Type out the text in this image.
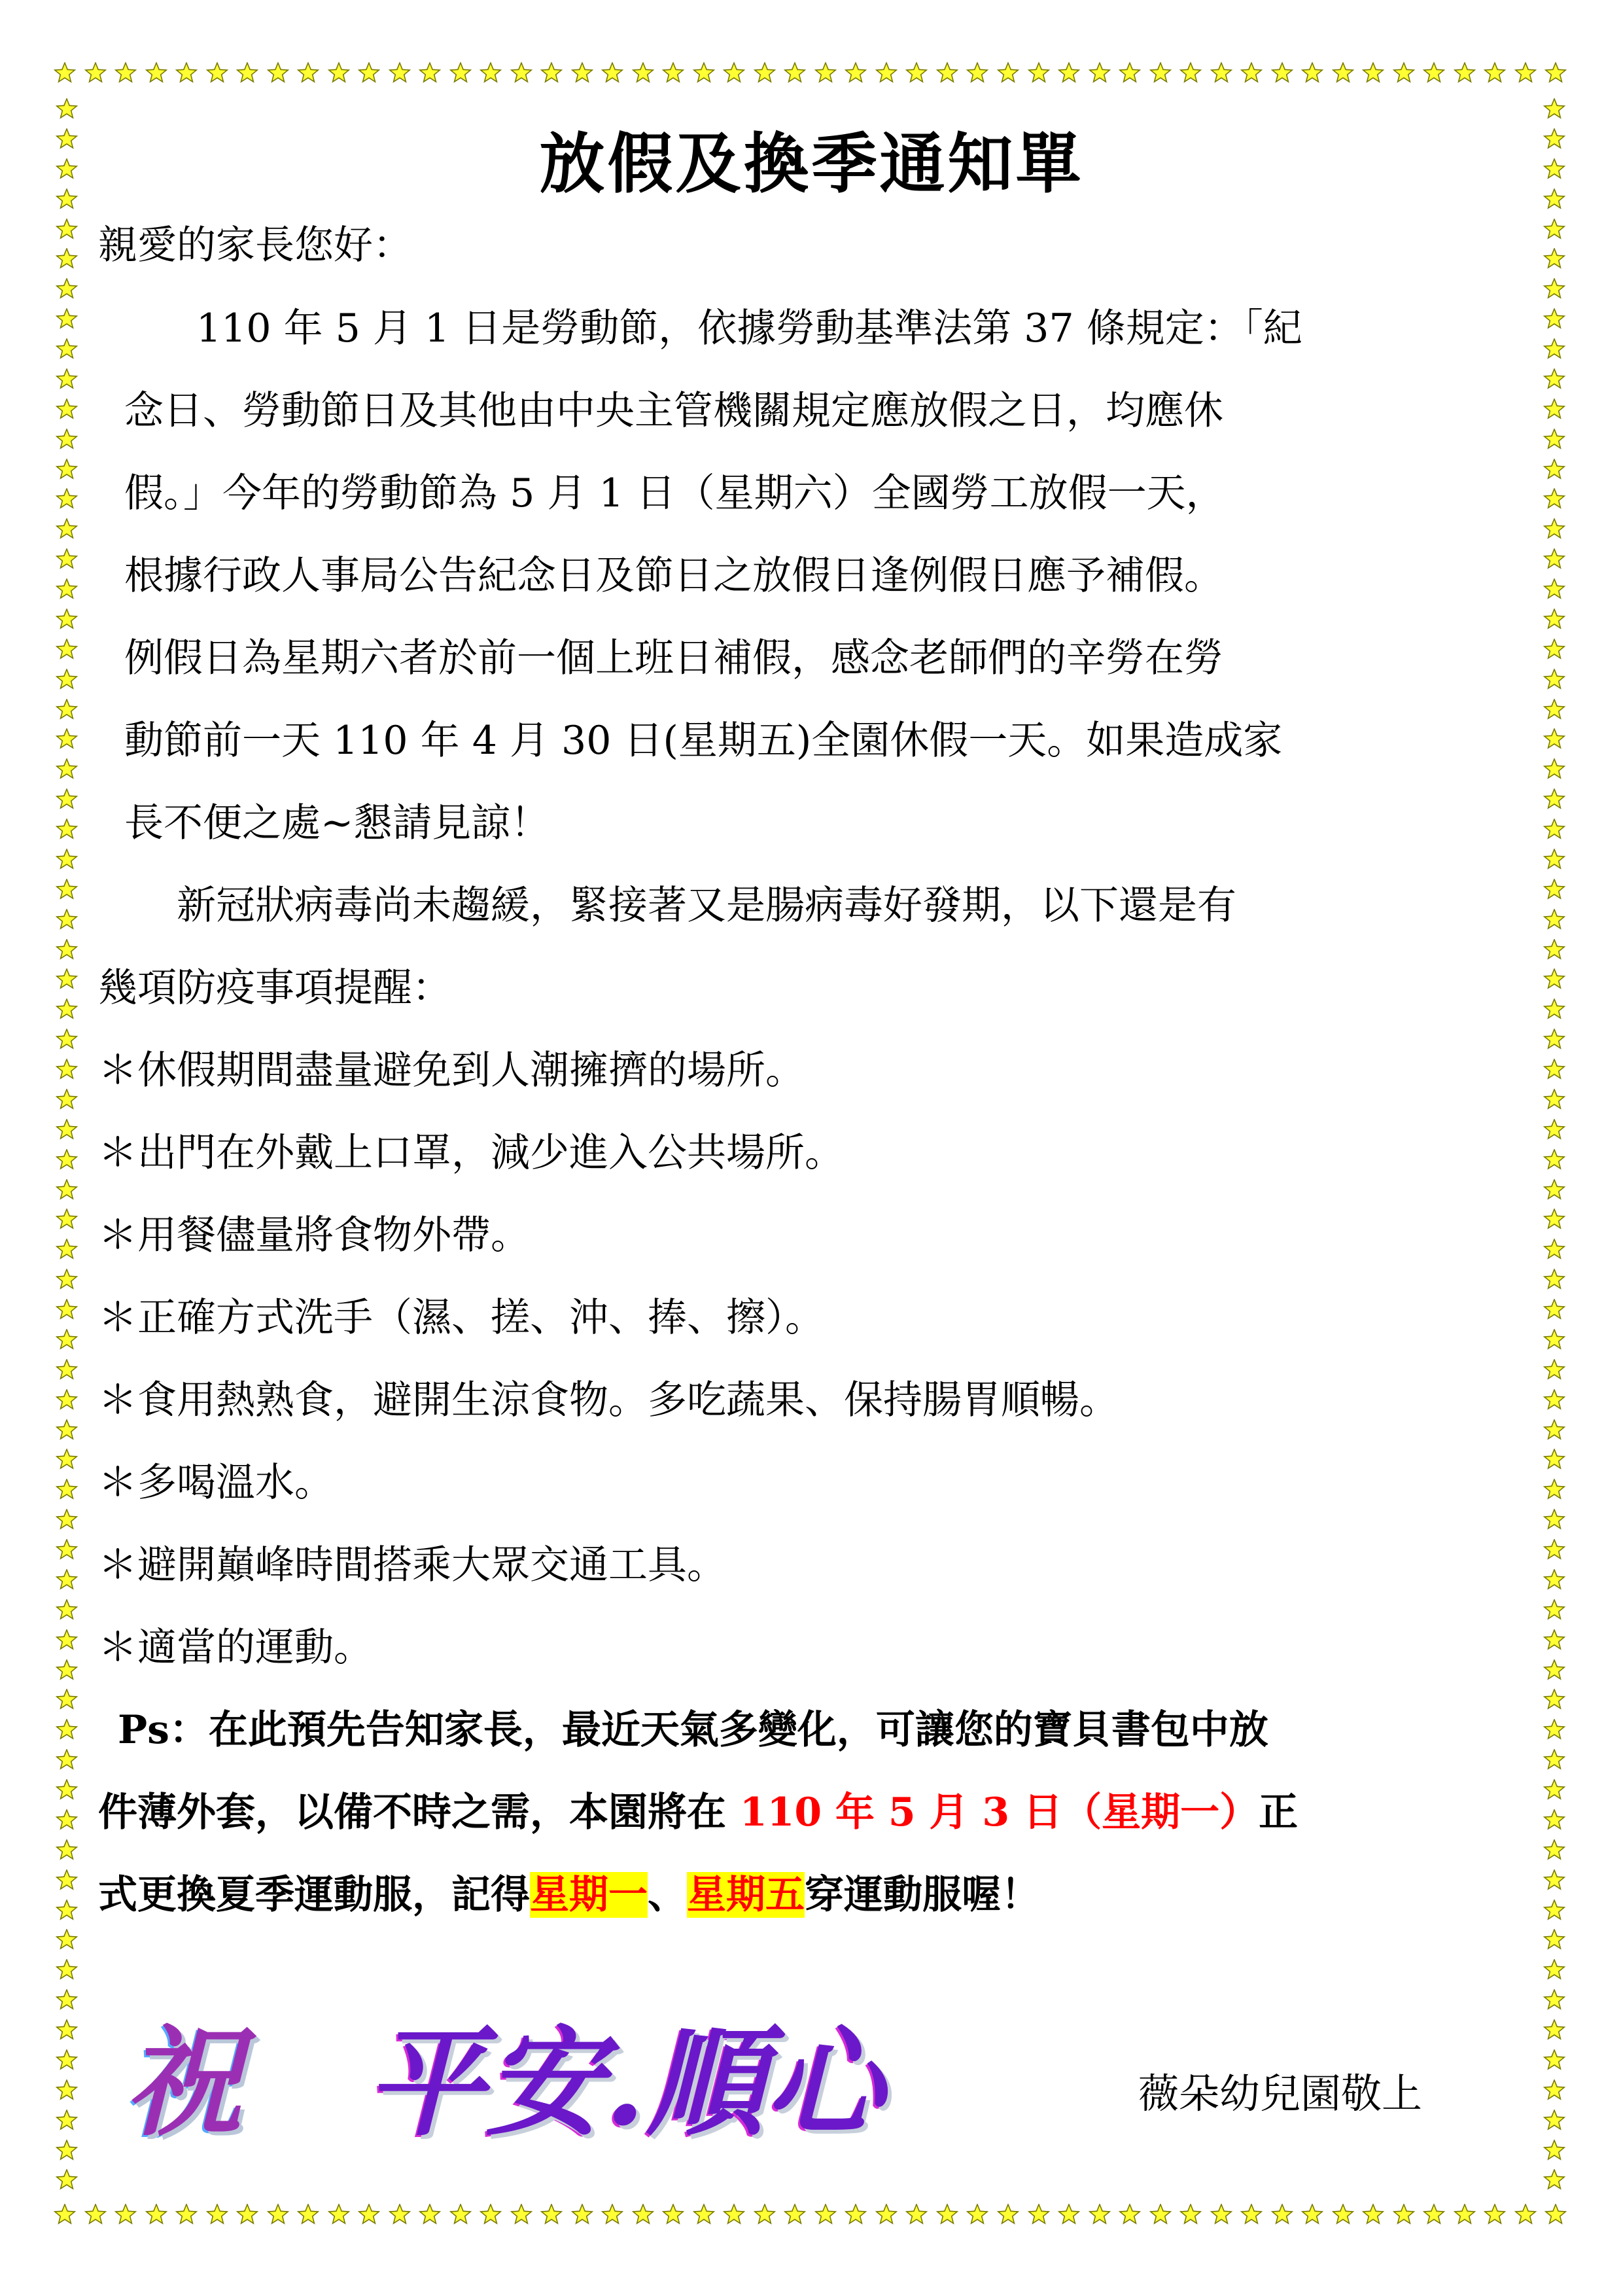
放假及換季通知單
親愛的家長您好：
110 年 5 月 1 日是勞動節，依據勞動基準法第 37 條規定：「紀
念日、勞動節日及其他由中央主管機關規定應放假之日，均應休
假。」今年的勞動節為 5 月 1 日（星期六）全國勞工放假一天，
根據行政人事局公告紀念日及節日之放假日逢例假日應予補假。
例假日為星期六者於前一個上班日補假，感念老師們的辛勞在勞
動節前一天 110 年 4 月 30 日(星期五)全園休假一天。如果造成家
長不便之處~懇請見諒！
新冠狀病毒尚未趨緩，緊接著又是腸病毒好發期，以下還是有
幾項防疫事項提醒：
＊休假期間盡量避免到人潮擁擠的場所。
＊出門在外戴上口罩，減少進入公共場所。
＊用餐儘量將食物外帶。
＊正確方式洗手（濕、搓、沖、捧、擦）。
＊食用熱熟食，避開生涼食物。多吃蔬果、保持腸胃順暢。
＊多喝溫水。
＊避開巔峰時間搭乘大眾交通工具。
＊適當的運動。
Ps：在此預先告知家長，最近天氣多變化，可讓您的寶貝書包中放
件薄外套，以備不時之需，本園將在 110 年 5 月 3 日（星期一）正
式更換夏季運動服，記得星期一、星期五穿運動服喔！
祝 平安.順心	薇朵幼兒園敬上
